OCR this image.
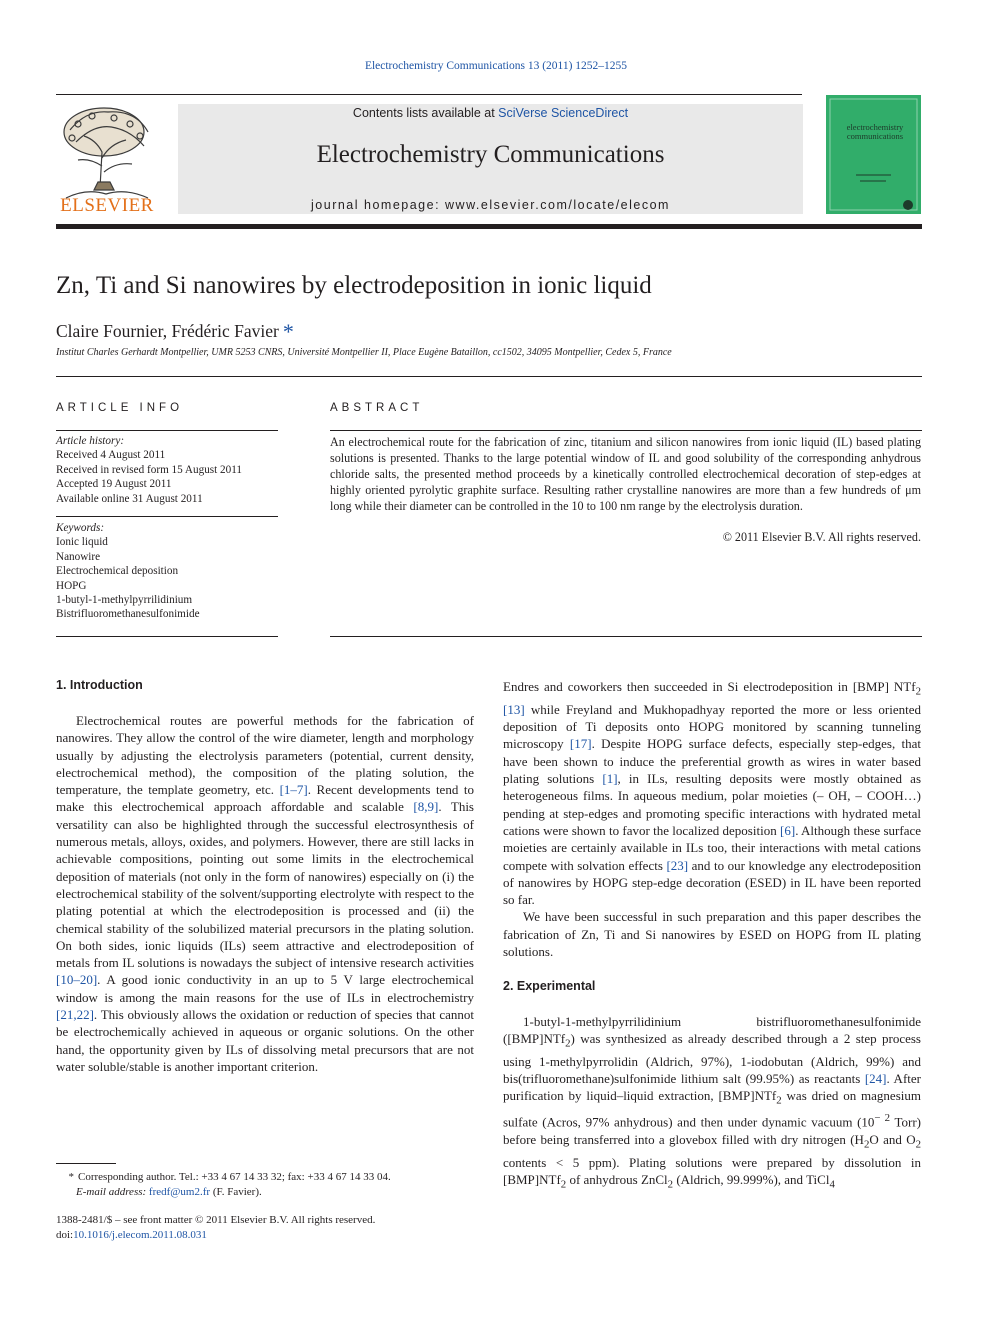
Electrochemistry Communications 13 (2011) 1252–1255
ELSEVIER
Contents lists available at SciVerse ScienceDirect
Electrochemistry Communications
journal homepage: www.elsevier.com/locate/elecom
electrochemistry communications
Zn, Ti and Si nanowires by electrodeposition in ionic liquid
Claire Fournier, Frédéric Favier *
Institut Charles Gerhardt Montpellier, UMR 5253 CNRS, Université Montpellier II, Place Eugène Bataillon, cc1502, 34095 Montpellier, Cedex 5, France
ARTICLE INFO
Article history:
Received 4 August 2011
Received in revised form 15 August 2011
Accepted 19 August 2011
Available online 31 August 2011
Keywords:
Ionic liquid
Nanowire
Electrochemical deposition
HOPG
1-butyl-1-methylpyrrilidinium
Bistrifluoromethanesulfonimide
ABSTRACT
An electrochemical route for the fabrication of zinc, titanium and silicon nanowires from ionic liquid (IL) based plating solutions is presented. Thanks to the large potential window of IL and good solubility of the corresponding anhydrous chloride salts, the presented method proceeds by a kinetically controlled electrochemical decoration of step-edges at highly oriented pyrolytic graphite surface. Resulting rather crystalline nanowires are more than a few hundreds of μm long while their diameter can be controlled in the 10 to 100 nm range by the electrolysis duration.
© 2011 Elsevier B.V. All rights reserved.
1. Introduction

Electrochemical routes are powerful methods for the fabrication of nanowires. They allow the control of the wire diameter, length and morphology usually by adjusting the electrolysis parameters (potential, current density, electrochemical method), the composition of the plating solution, the temperature, the template geometry, etc. [1–7]. Recent developments tend to make this electrochemical approach affordable and scalable [8,9]. This versatility can also be highlighted through the successful electrosynthesis of numerous metals, alloys, oxides, and polymers. However, there are still lacks in achievable compositions, pointing out some limits in the electrochemical deposition of materials (not only in the form of nanowires) especially on (i) the electrochemical stability of the solvent/supporting electrolyte with respect to the plating potential at which the electrodeposition is processed and (ii) the chemical stability of the solubilized material precursors in the plating solution. On both sides, ionic liquids (ILs) seem attractive and electrodeposition of metals from IL solutions is nowadays the subject of intensive research activities [10–20]. A good ionic conductivity in an up to 5 V large electrochemical window is among the main reasons for the use of ILs in electrochemistry [21,22]. This obviously allows the oxidation or reduction of species that cannot be electrochemically achieved in aqueous or organic solutions. On the other hand, the opportunity given by ILs of dissolving metal precursors that are not water soluble/stable is another important criterion.

Endres and coworkers then succeeded in Si electrodeposition in [BMP] NTf$_2$ [13] while Freyland and Mukhopadhyay reported the more or less oriented deposition of Ti deposits onto HOPG monitored by scanning tunneling microscopy [17]. Despite HOPG surface defects, especially step-edges, that have been shown to induce the preferential growth as wires in water based plating solutions [1], in ILs, resulting deposits were mostly obtained as heterogeneous films. In aqueous medium, polar moieties (– OH, – COOH…) pending at step-edges and promoting specific interactions with hydrated metal cations were shown to favor the localized deposition [6]. Although these surface moieties are certainly available in ILs too, their interactions with metal cations compete with solvation effects [23] and to our knowledge any electrodeposition of nanowires by HOPG step-edge decoration (ESED) in IL have been reported so far.

We have been successful in such preparation and this paper describes the fabrication of Zn, Ti and Si nanowires by ESED on HOPG from IL plating solutions.

2. Experimental

1-butyl-1-methylpyrrilidinium bistrifluoromethanesulfonimide ([BMP]NTf$_2$) was synthesized as already described through a 2 step process using 1-methylpyrrolidin (Aldrich, 97%), 1-iodobutan (Aldrich, 99%) and bis(trifluoromethane)sulfonimide lithium salt (99.95%) as reactants [24]. After purification by liquid–liquid extraction, [BMP]NTf$_2$ was dried on magnesium sulfate (Acros, 97% anhydrous) and then under dynamic vacuum ($10^{- 2}$ Torr) before being transferred into a glovebox filled with dry nitrogen ($H_2O$ and $O_2$ contents < 5 ppm). Plating solutions were prepared by dissolution in [BMP]NTf$_2$ of anhydrous ZnCl$_2$ (Aldrich, 99.999%), and TiCl$_4$

* Corresponding author. Tel.: +33 4 67 14 33 32; fax: +33 4 67 14 33 04.
E-mail address: fredf@um2.fr (F. Favier).
1388-2481/$ – see front matter © 2011 Elsevier B.V. All rights reserved.
doi:10.1016/j.elecom.2011.08.031
